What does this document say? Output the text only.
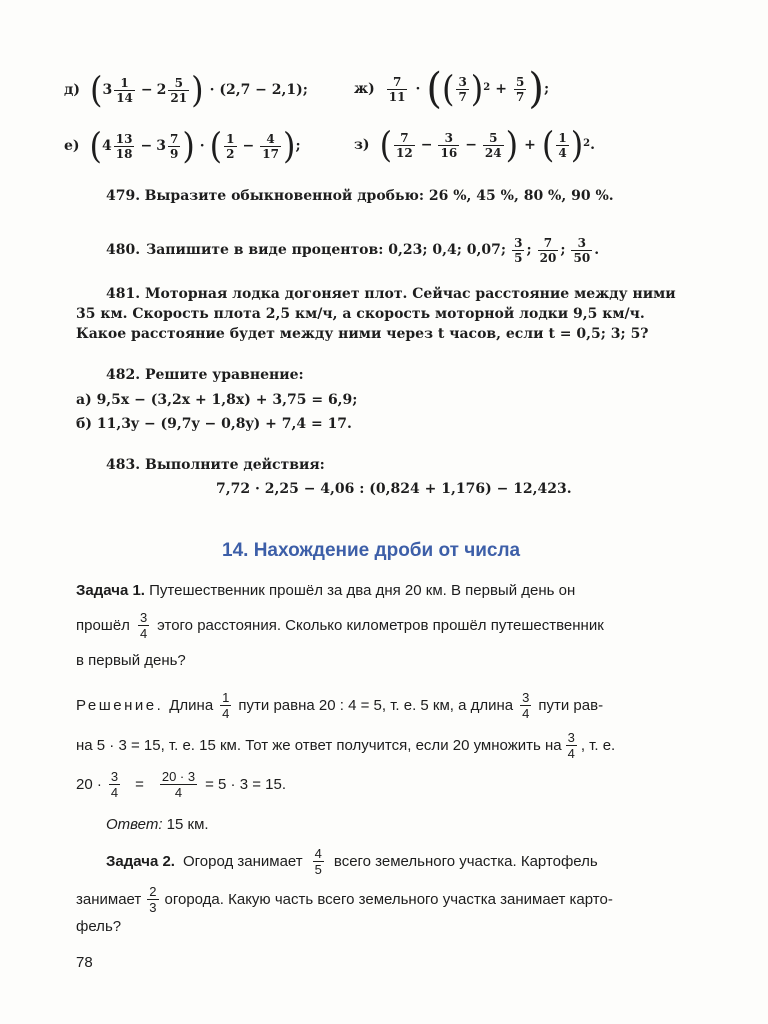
д) ( $3 \frac{1}{14} - 2 \frac{5}{21}$ ) · (2,7 − 2,1);	$ж) \frac{7}{11}$ · ( ( $\frac{3}{7}$ ) $2 + \frac{5}{7}$ ) ;
е) ( $4 \frac{13}{18} - 3 \frac{7}{9}$ ) · ( $\frac{1}{2} - \frac{4}{17}$ ) ;	з) ( $\frac{7}{12} - \frac{3}{16} - \frac{5}{24}$ ) + ( $\frac{1}{4}$ ) 2 .
479. Выразите обыкновенной дробью: 26 %, 45 %, 80 %, 90 %.
480. Запишите в виде процентов: 0,23; 0,4; 0,07; $\frac{3}{5}$ ; $\frac{7}{20}$ ; $\frac{3}{50}$ .
481. Моторная лодка догоняет плот. Сейчас расстояние между ними
35 км. Скорость плота 2,5 км/ч, а скорость моторной лодки 9,5 км/ч.
Какое расстояние будет между ними через t часов, если t = 0,5; 3; 5?
482. Решите уравнение:
а) 9,5x − (3,2x + 1,8x) + 3,75 = 6,9;
б) 11,3y − (9,7y − 0,8y) + 7,4 = 17.
483. Выполните действия:
7,72 · 2,25 − 4,06 : (0,824 + 1,176) − 12,423.
14. Нахождение дроби от числа
Задача 1. Путешественник прошёл за два дня 20 км. В первый день он
прошёл $\frac{3}{4}$ этого расстояния. Сколько километров прошёл путешественник
в первый день?
Решение. Длина $\frac{1}{4}$ пути равна 20 : 4 = 5, т. е. 5 км, а длина $\frac{3}{4}$ пути рав-
на 5 · 3 = 15, т. е. 15 км. Тот же ответ получится, если 20 умножить на $\frac{3}{4}$ , т. е.
$20 \cdot \frac{3}{4} = \frac{20 \cdot 3}{4} = 5 \cdot 3 = 15$.
Ответ: 15 км.
Задача 2. Огород занимает $\frac{4}{5}$ всего земельного участка. Картофель
занимает $\frac{2}{3}$ огорода. Какую часть всего земельного участка занимает карто-
фель?
78
